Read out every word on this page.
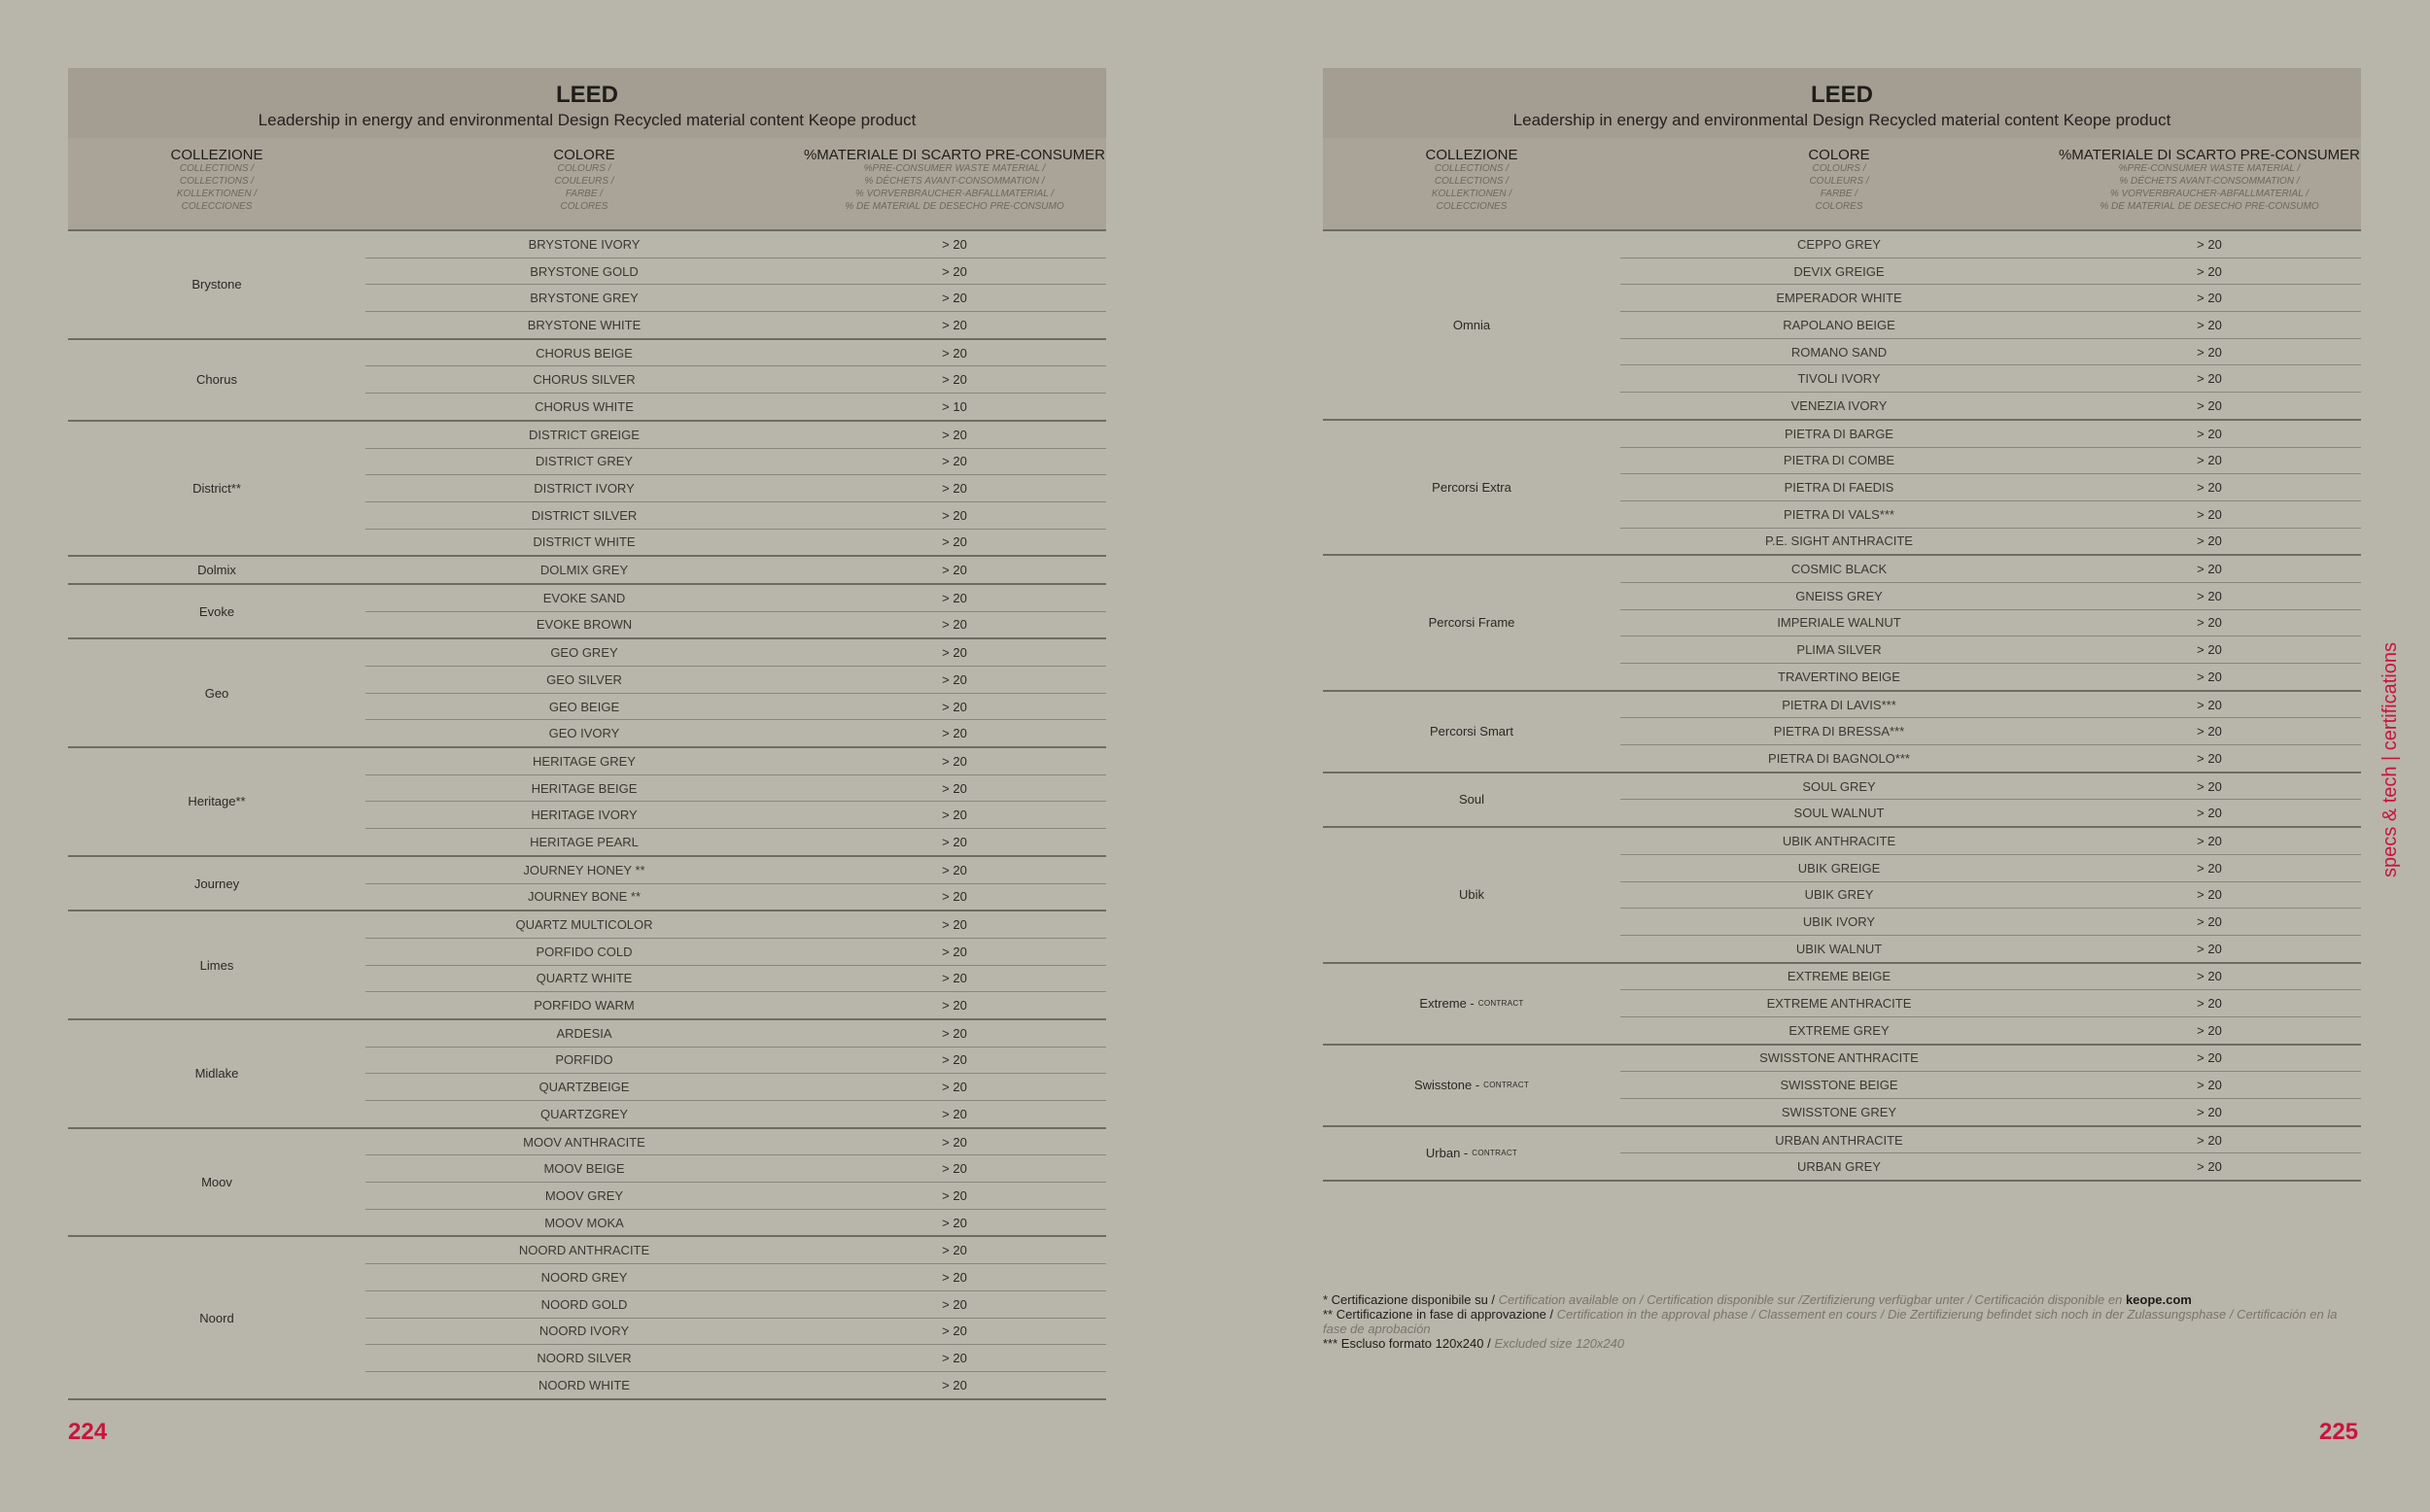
LEED
Leadership in energy and environmental Design Recycled material content Keope product
COLLEZIONE
COLLECTIONS /
COLLECTIONS /
KOLLEKTIONEN /
COLECCIONES
COLORE
COLOURS /
COULEURS /
FARBE /
COLORES
%MATERIALE DI SCARTO PRE-CONSUMER
%PRE-CONSUMER WASTE MATERIAL /
% DÉCHETS AVANT-CONSOMMATION /
% VORVERBRAUCHER-ABFALLMATERIAL /
% DE MATERIAL DE DESECHO PRE-CONSUMO
Brystone
BRYSTONE IVORY	> 20
BRYSTONE GOLD	> 20
BRYSTONE GREY	> 20
BRYSTONE WHITE	> 20
Chorus
CHORUS BEIGE	> 20
CHORUS SILVER	> 20
CHORUS WHITE	> 10
District**
DISTRICT GREIGE	> 20
DISTRICT GREY	> 20
DISTRICT IVORY	> 20
DISTRICT SILVER	> 20
DISTRICT WHITE	> 20
Dolmix	DOLMIX GREY	> 20
Evoke
EVOKE SAND	> 20
EVOKE BROWN	> 20
Geo
GEO GREY	> 20
GEO SILVER	> 20
GEO BEIGE	> 20
GEO IVORY	> 20
Heritage**
HERITAGE GREY	> 20
HERITAGE BEIGE	> 20
HERITAGE IVORY	> 20
HERITAGE PEARL	> 20
Journey
JOURNEY HONEY **	> 20
JOURNEY BONE **	> 20
Limes
QUARTZ MULTICOLOR	> 20
PORFIDO COLD	> 20
QUARTZ WHITE	> 20
PORFIDO WARM	> 20
Midlake
ARDESIA	> 20
PORFIDO	> 20
QUARTZBEIGE	> 20
QUARTZGREY	> 20
Moov
MOOV ANTHRACITE	> 20
MOOV BEIGE	> 20
MOOV GREY	> 20
MOOV MOKA	> 20
Noord
NOORD ANTHRACITE	> 20
NOORD GREY	> 20
NOORD GOLD	> 20
NOORD IVORY	> 20
NOORD SILVER	> 20
NOORD WHITE	> 20
LEED
Leadership in energy and environmental Design Recycled material content Keope product
COLLEZIONE
COLLECTIONS /
COLLECTIONS /
KOLLEKTIONEN /
COLECCIONES
COLORE
COLOURS /
COULEURS /
FARBE /
COLORES
%MATERIALE DI SCARTO PRE-CONSUMER
%PRE-CONSUMER WASTE MATERIAL /
% DÉCHETS AVANT-CONSOMMATION /
% VORVERBRAUCHER-ABFALLMATERIAL /
% DE MATERIAL DE DESECHO PRE-CONSUMO
Omnia
CEPPO GREY	> 20
DEVIX GREIGE	> 20
EMPERADOR WHITE	> 20
RAPOLANO BEIGE	> 20
ROMANO SAND	> 20
TIVOLI IVORY	> 20
VENEZIA IVORY	> 20
Percorsi Extra
PIETRA DI BARGE	> 20
PIETRA DI COMBE	> 20
PIETRA DI FAEDIS	> 20
PIETRA DI VALS***	> 20
P.E. SIGHT ANTHRACITE	> 20
Percorsi Frame
COSMIC BLACK	> 20
GNEISS GREY	> 20
IMPERIALE WALNUT	> 20
PLIMA SILVER	> 20
TRAVERTINO BEIGE	> 20
Percorsi Smart
PIETRA DI LAVIS***	> 20
PIETRA DI BRESSA***	> 20
PIETRA DI BAGNOLO***	> 20
Soul
SOUL GREY	> 20
SOUL WALNUT	> 20
Ubik
UBIK ANTHRACITE	> 20
UBIK GREIGE	> 20
UBIK GREY	> 20
UBIK IVORY	> 20
UBIK WALNUT	> 20
Extreme - CONTRACT
EXTREME BEIGE	> 20
EXTREME ANTHRACITE	> 20
EXTREME GREY	> 20
Swisstone - CONTRACT
SWISSTONE ANTHRACITE	> 20
SWISSTONE BEIGE	> 20
SWISSTONE GREY	> 20
Urban - CONTRACT
URBAN ANTHRACITE	> 20
URBAN GREY	> 20
* Certificazione disponibile su / Certification available on / Certification disponible sur /Zertifizierung verfügbar unter / Certificación disponible en keope.com
** Certificazione in fase di approvazione / Certification in the approval phase / Classement en cours / Die Zertifizierung befindet sich noch in der Zulassungsphase / Certificación en la fase de aprobación
*** Escluso formato 120x240 / Excluded size 120x240
224	225
specs & tech | certifications
